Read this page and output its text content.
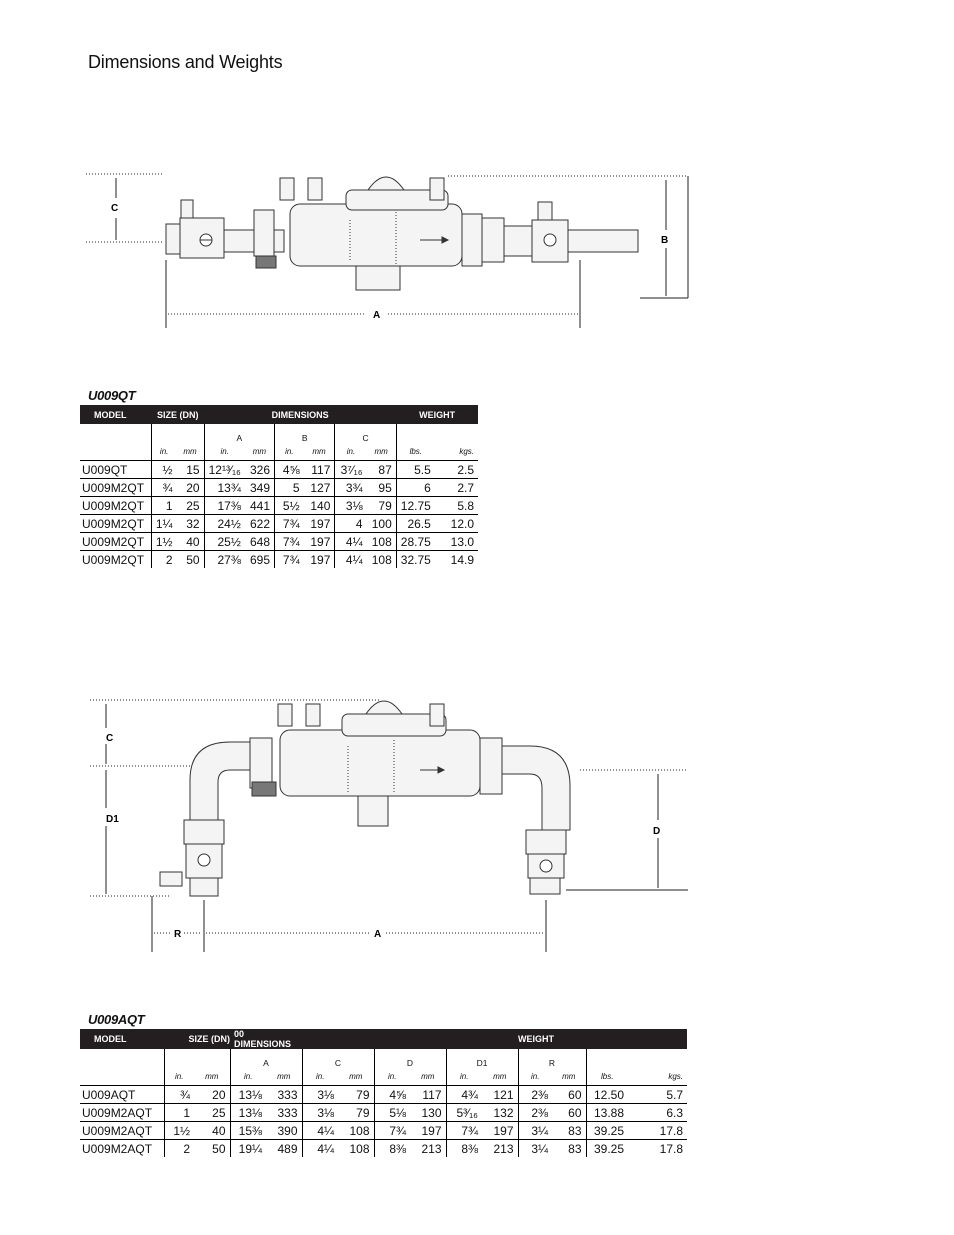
Dimensions and Weights
C
B
A
U009QT
MODEL	SIZE (DN)		DIMENSIONS						WEIGHT	
			A		B		C			
	in.	mm	in.	mm	in.	mm	in.	mm	lbs.	kgs.
U009QT	½	15	12¹³⁄₁₆	326	4⅝	117	3⁷⁄₁₆	87	5.5	2.5
U009M2QT	¾	20	13¾	349	5	127	3¾	95	6	2.7
U009M2QT	1	25	17⅜	441	5½	140	3⅛	79	12.75	5.8
U009M2QT	1¼	32	24½	622	7¾	197	4	100	26.5	12.0
U009M2QT	1½	40	25½	648	7¾	197	4¼	108	28.75	13.0
U009M2QT	2	50	27⅜	695	7¾	197	4¼	108	32.75	14.9
C
D1
D
R	A
U009AQT
MODEL	SIZE (DN)		00 DIMENSIONS								WEIGHT			
			A		C		D		D1		R			
	in.	mm	in.	mm	in.	mm	in.	mm	in.	mm	in.	mm	lbs.	kgs.
U009AQT	¾	20	13⅛	333	3⅛	79	4⅝	117	4¾	121	2⅜	60	12.50	5.7
U009M2AQT	1	25	13⅛	333	3⅛	79	5⅛	130	5³⁄₁₆	132	2⅜	60	13.88	6.3
U009M2AQT	1½	40	15⅜	390	4¼	108	7¾	197	7¾	197	3¼	83	39.25	17.8
U009M2AQT	2	50	19¼	489	4¼	108	8⅜	213	8⅜	213	3¼	83	39.25	17.8
